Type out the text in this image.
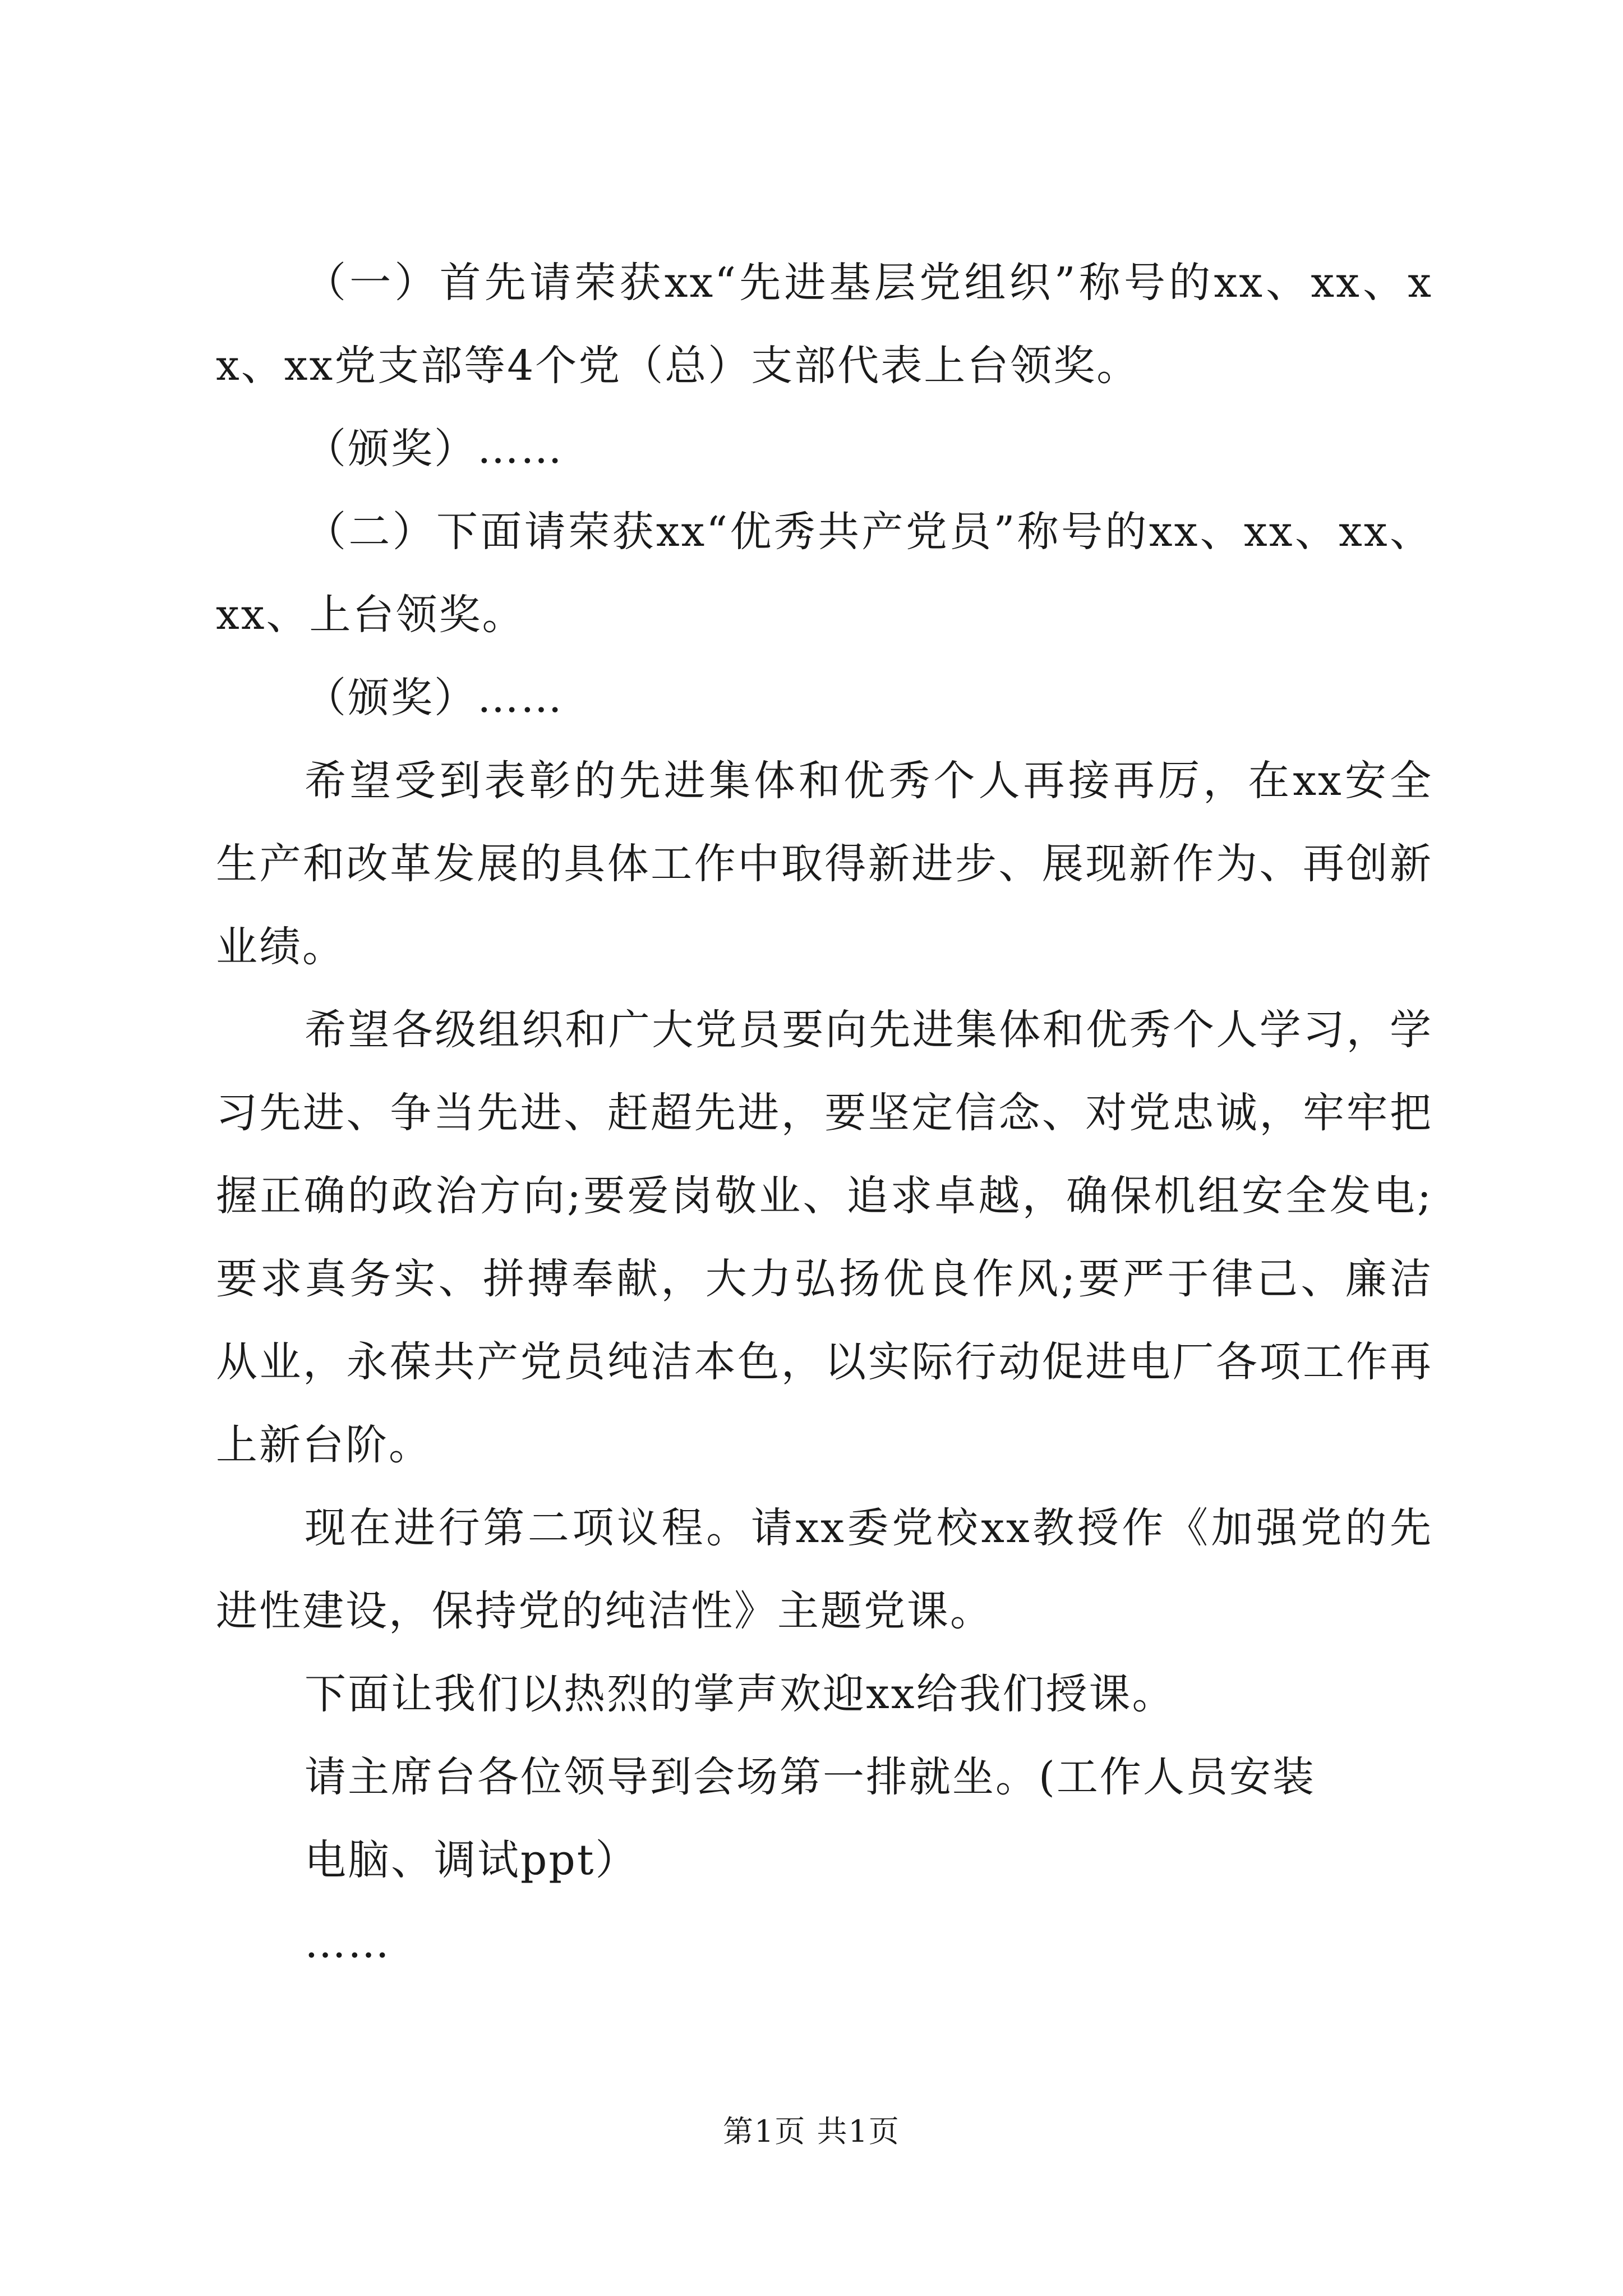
（一）首先请荣获xx“先进基层党组织”称号的xx、xx、xx、xx党支部等4个党（总）支部代表上台领奖。

（颁奖）……

（二）下面请荣获xx“优秀共产党员”称号的xx、xx、xx、xx、上台领奖。

（颁奖）……

希望受到表彰的先进集体和优秀个人再接再厉，在xx安全生产和改革发展的具体工作中取得新进步、展现新作为、再创新业绩。

希望各级组织和广大党员要向先进集体和优秀个人学习，学习先进、争当先进、赶超先进，要坚定信念、对党忠诚，牢牢把握正确的政治方向;要爱岗敬业、追求卓越，确保机组安全发电;要求真务实、拼搏奉献，大力弘扬优良作风;要严于律己、廉洁从业，永葆共产党员纯洁本色，以实际行动促进电厂各项工作再上新台阶。

现在进行第二项议程。请xx委党校xx教授作《加强党的先进性建设，保持党的纯洁性》主题党课。

下面让我们以热烈的掌声欢迎xx给我们授课。

请主席台各位领导到会场第一排就坐。(工作人员安装

电脑、调试ppt）

……

第1页 共1页
